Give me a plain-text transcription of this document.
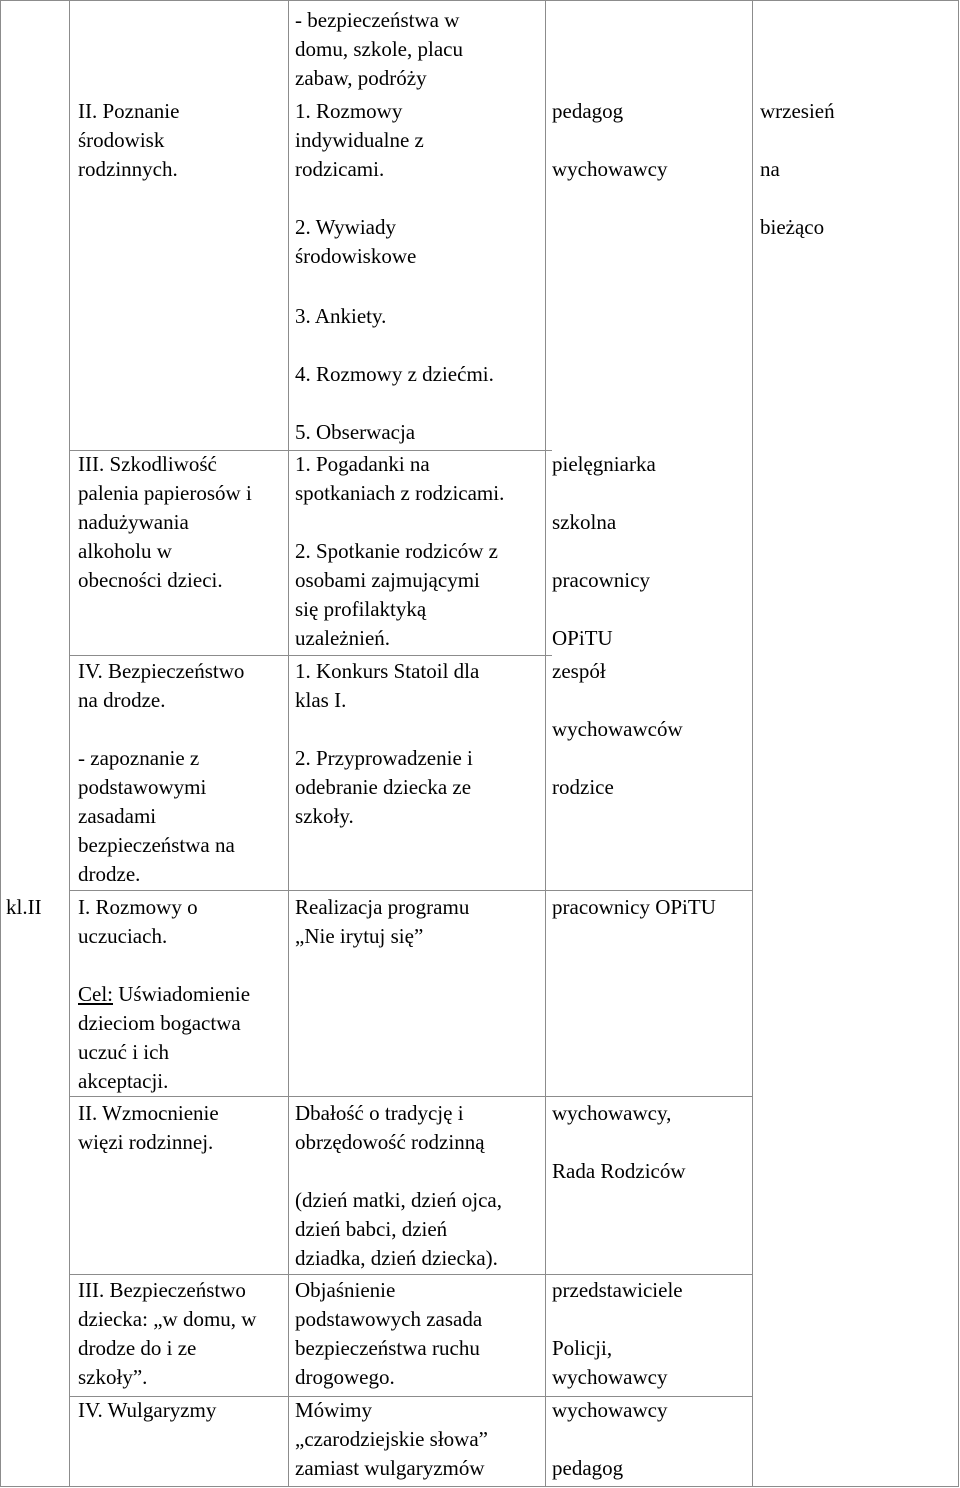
II. Poznanie
środowisk
rodzinnych.
- bezpieczeństwa w
domu, szkole, placu
zabaw, podróży
1. Rozmowy
indywidualne z
rodzicami.
2. Wywiady
środowiskowe
3. Ankiety.
4. Rozmowy z dziećmi.
5. Obserwacja
pedagog
wychowawcy
wrzesień
na
bieżąco
III. Szkodliwość
palenia papierosów i
nadużywania
alkoholu w
obecności dzieci.
1. Pogadanki na
spotkaniach z rodzicami.
2. Spotkanie rodziców z
osobami zajmującymi
się profilaktyką
uzależnień.
pielęgniarka
szkolna
pracownicy
OPiTU
IV. Bezpieczeństwo
na drodze.
- zapoznanie z
podstawowymi
zasadami
bezpieczeństwa na
drodze.
1. Konkurs Statoil dla
klas I.
2. Przyprowadzenie i
odebranie dziecka ze
szkoły.
zespół
wychowawców
rodzice
kl.II I. Rozmowy o
uczuciach.
Cel: Uświadomienie
dzieciom bogactwa
uczuć i ich
akceptacji.
Realizacja programu
„Nie irytuj się”
pracownicy OPiTU
II. Wzmocnienie
więzi rodzinnej.
Dbałość o tradycję i
obrzędowość rodzinną
(dzień matki, dzień ojca,
dzień babci, dzień
dziadka, dzień dziecka).
wychowawcy,
Rada Rodziców
III. Bezpieczeństwo
dziecka: „w domu, w
drodze do i ze
szkoły”.
Objaśnienie
podstawowych zasada
bezpieczeństwa ruchu
drogowego.
przedstawiciele
Policji,
wychowawcy
IV. Wulgaryzmy	Mówimy
„czarodziejskie słowa”
zamiast wulgaryzmów
wychowawcy
pedagog
